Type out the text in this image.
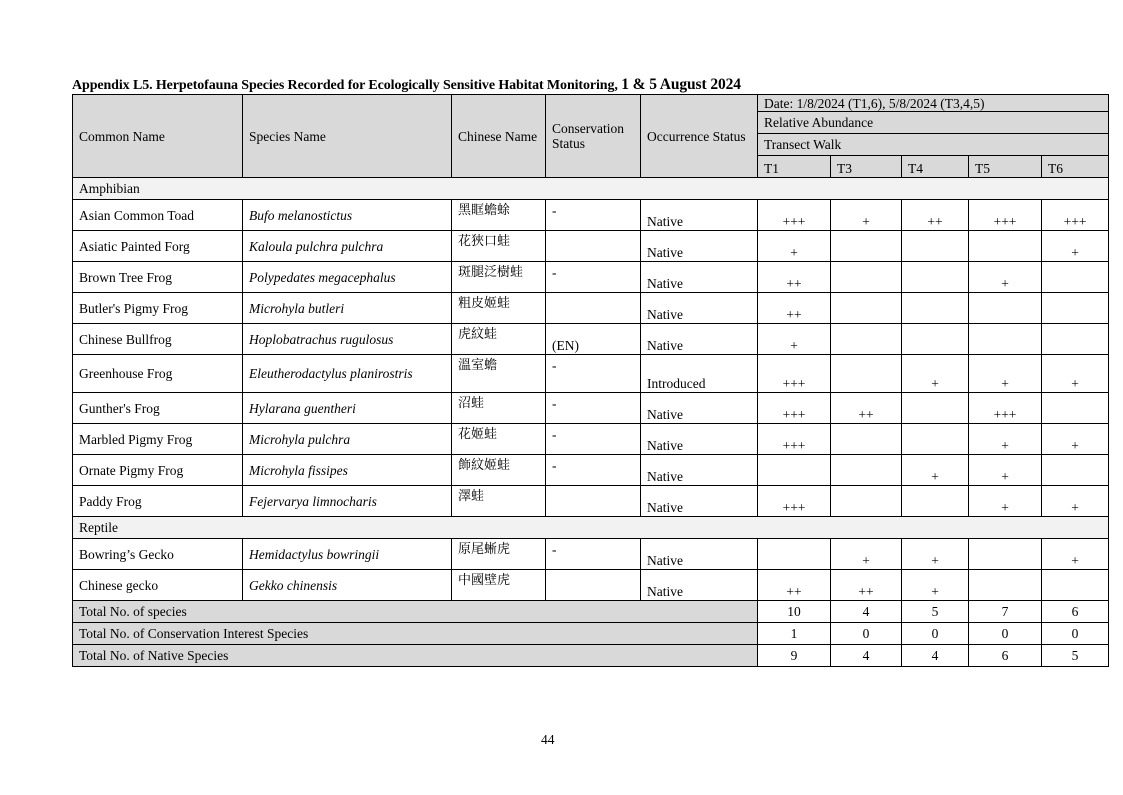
Appendix L5. Herpetofauna Species Recorded for Ecologically Sensitive Habitat Monitoring, 1 & 5 August 2024
Common Name	Species Name	Chinese Name	Conservation Status	Occurrence Status	Date: 1/8/2024 (T1,6), 5/8/2024 (T3,4,5)				
					Relative Abundance				
					Transect Walk				
					T1	T3	T4	T5	T6
Amphibian									
Asian Common Toad	Bufo melanostictus	黑眶蟾蜍	-	Native	+++	+	++	+++	+++
Asiatic Painted Forg	Kaloula pulchra pulchra	花狹口蛙		Native	+				+
Brown Tree Frog	Polypedates megacephalus	斑腿泛樹蛙	-	Native	++			+	
Butler's Pigmy Frog	Microhyla butleri	粗皮姬蛙		Native	++				
Chinese Bullfrog	Hoplobatrachus rugulosus	虎紋蛙	(EN)	Native	+				
Greenhouse Frog	Eleutherodactylus planirostris	溫室蟾	-	Introduced	+++		+	+	+
Gunther's Frog	Hylarana guentheri	沼蛙	-	Native	+++	++		+++	
Marbled Pigmy Frog	Microhyla pulchra	花姬蛙	-	Native	+++			+	+
Ornate Pigmy Frog	Microhyla fissipes	飾紋姬蛙	-	Native			+	+	
Paddy Frog	Fejervarya limnocharis	澤蛙		Native	+++			+	+
Reptile									
Bowring’s Gecko	Hemidactylus bowringii	原尾蜥虎	-	Native		+	+		+
Chinese gecko	Gekko chinensis	中國壁虎		Native	++	++	+		
Total No. of species					10	4	5	7	6
Total No. of Conservation Interest Species					1	0	0	0	0
Total No. of Native Species					9	4	4	6	5
44
